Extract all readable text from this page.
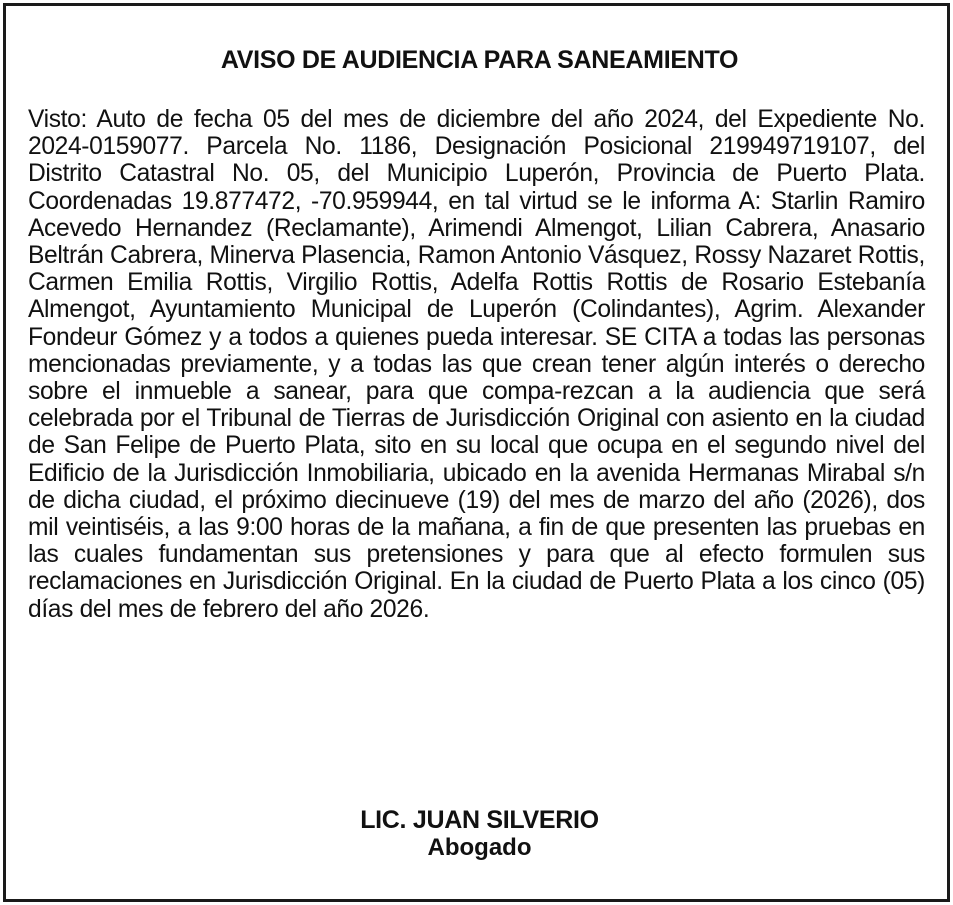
AVISO DE AUDIENCIA PARA SANEAMIENTO

Visto: Auto de fecha 05 del mes de diciembre del año 2024, del Expediente No. 2024-0159077. Parcela No. 1186, Designación Posicional 219949719107, del Distrito Catastral No. 05, del Municipio Luperón, Provincia de Puerto Plata. Coordenadas 19.877472, -70.959944, en tal virtud se le informa A: Starlin Ramiro Acevedo Hernandez (Reclamante), Arimendi Almengot, Lilian Cabrera, Anasario Beltrán Cabrera, Minerva Plasencia, Ramon Antonio Vásquez, Rossy Nazaret Rottis, Carmen Emilia Rottis, Virgilio Rottis, Adelfa Rottis Rottis de Rosario Estebanía Almengot, Ayuntamiento Municipal de Luperón (Colindantes), Agrim. Alexander Fondeur Gómez y a todos a quienes pueda interesar. SE CITA a todas las personas mencionadas previamente, y a todas las que crean tener algún interés o derecho sobre el inmueble a sanear, para que compa-rezcan a la audiencia que será celebrada por el Tribunal de Tierras de Jurisdicción Original con asiento en la ciudad de San Felipe de Puerto Plata, sito en su local que ocupa en el segundo nivel del Edificio de la Jurisdicción Inmobiliaria, ubicado en la avenida Hermanas Mirabal s/n de dicha ciudad, el próximo diecinueve (19) del mes de marzo del año (2026), dos mil veintiséis, a las 9:00 horas de la mañana, a fin de que presenten las pruebas en las cuales fundamentan sus pretensiones y para que al efecto formulen sus reclamaciones en Jurisdicción Original. En la ciudad de Puerto Plata a los cinco (05) días del mes de febrero del año 2026.

LIC. JUAN SILVERIO
Abogado
